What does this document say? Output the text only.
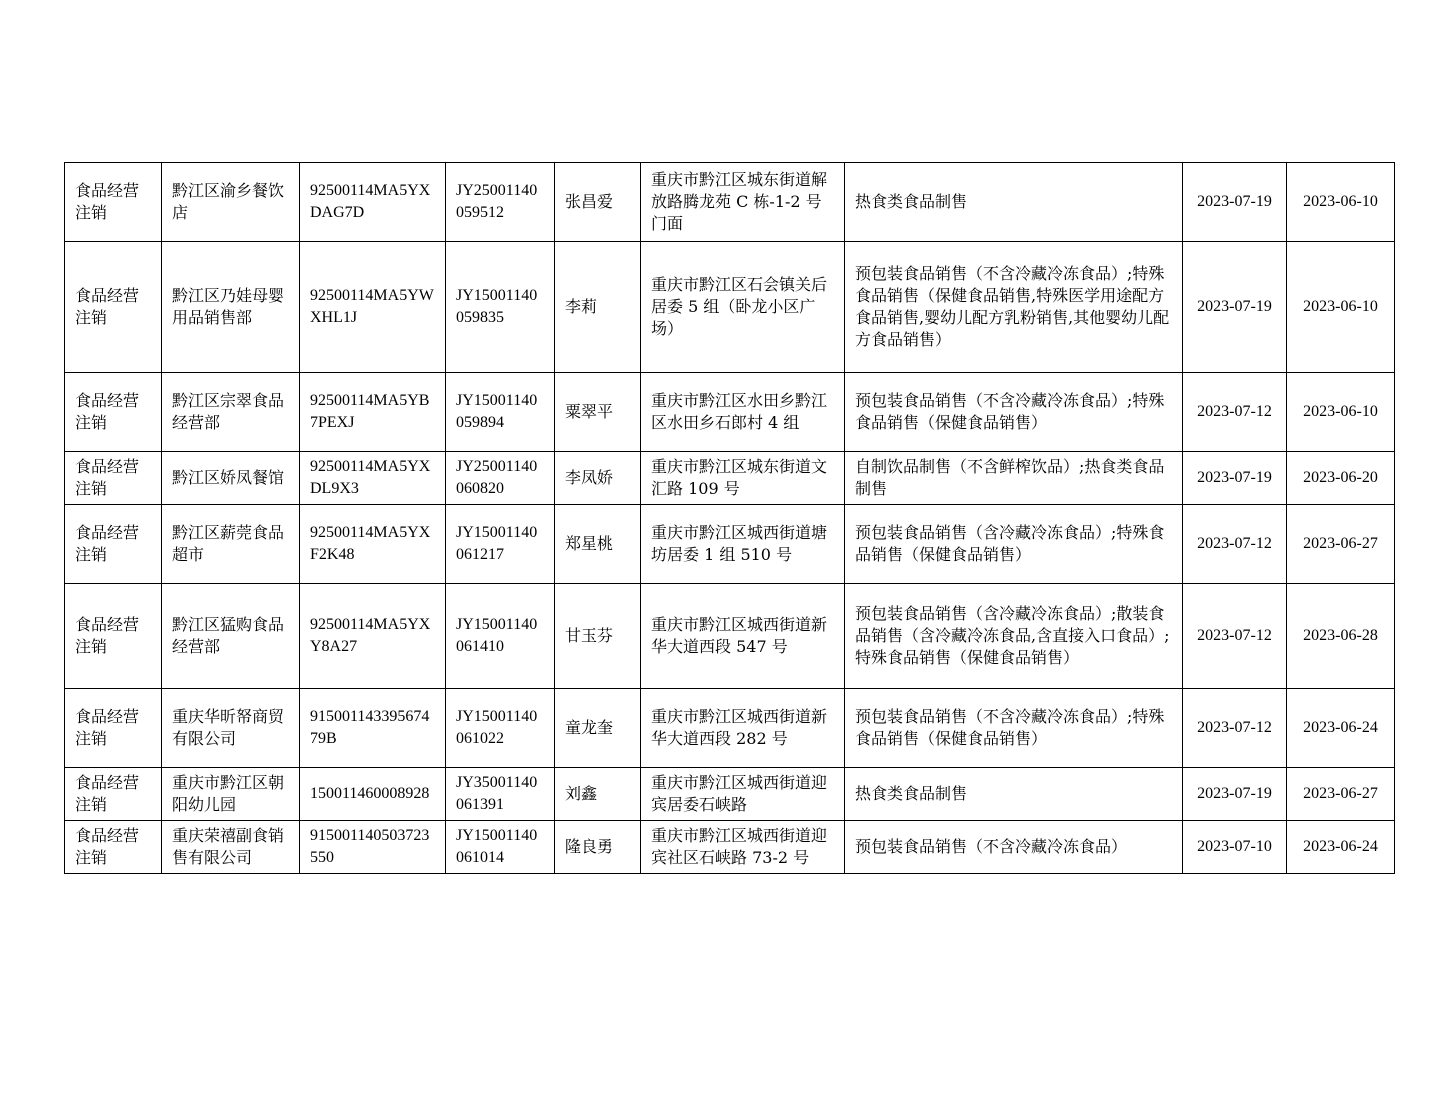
食品经营注销	黔江区渝乡餐饮店	92500114MA5YXDAG7D	JY25001140059512	张昌爱	重庆市黔江区城东街道解放路腾龙苑 C 栋-1-2 号门面	热食类食品制售	2023-07-19	2023-06-10
食品经营注销	黔江区乃娃母婴用品销售部	92500114MA5YWXHL1J	JY15001140059835	李莉	重庆市黔江区石会镇关后居委 5 组（卧龙小区广场）	预包装食品销售（不含冷藏冷冻食品）;特殊食品销售（保健食品销售,特殊医学用途配方食品销售,婴幼儿配方乳粉销售,其他婴幼儿配方食品销售）	2023-07-19	2023-06-10
食品经营注销	黔江区宗翠食品经营部	92500114MA5YB7PEXJ	JY15001140059894	粟翠平	重庆市黔江区水田乡黔江区水田乡石郎村 4 组	预包装食品销售（不含冷藏冷冻食品）;特殊食品销售（保健食品销售）	2023-07-12	2023-06-10
食品经营注销	黔江区娇凤餐馆	92500114MA5YXDL9X3	JY25001140060820	李凤娇	重庆市黔江区城东街道文汇路 109 号	自制饮品制售（不含鲜榨饮品）;热食类食品制售	2023-07-19	2023-06-20
食品经营注销	黔江区薪莞食品超市	92500114MA5YXF2K48	JY15001140061217	郑星桃	重庆市黔江区城西街道塘坊居委 1 组 510 号	预包装食品销售（含冷藏冷冻食品）;特殊食品销售（保健食品销售）	2023-07-12	2023-06-27
食品经营注销	黔江区猛购食品经营部	92500114MA5YXY8A27	JY15001140061410	甘玉芬	重庆市黔江区城西街道新华大道西段 547 号	预包装食品销售（含冷藏冷冻食品）;散装食品销售（含冷藏冷冻食品,含直接入口食品）;特殊食品销售（保健食品销售）	2023-07-12	2023-06-28
食品经营注销	重庆华昕帑商贸有限公司	91500114339567479B	JY15001140061022	童龙奎	重庆市黔江区城西街道新华大道西段 282 号	预包装食品销售（不含冷藏冷冻食品）;特殊食品销售（保健食品销售）	2023-07-12	2023-06-24
食品经营注销	重庆市黔江区朝阳幼儿园	150011460008928	JY35001140061391	刘鑫	重庆市黔江区城西街道迎宾居委石峡路	热食类食品制售	2023-07-19	2023-06-27
食品经营注销	重庆荣禧副食销售有限公司	915001140503723550	JY15001140061014	隆良勇	重庆市黔江区城西街道迎宾社区石峡路 73-2 号	预包装食品销售（不含冷藏冷冻食品）	2023-07-10	2023-06-24
